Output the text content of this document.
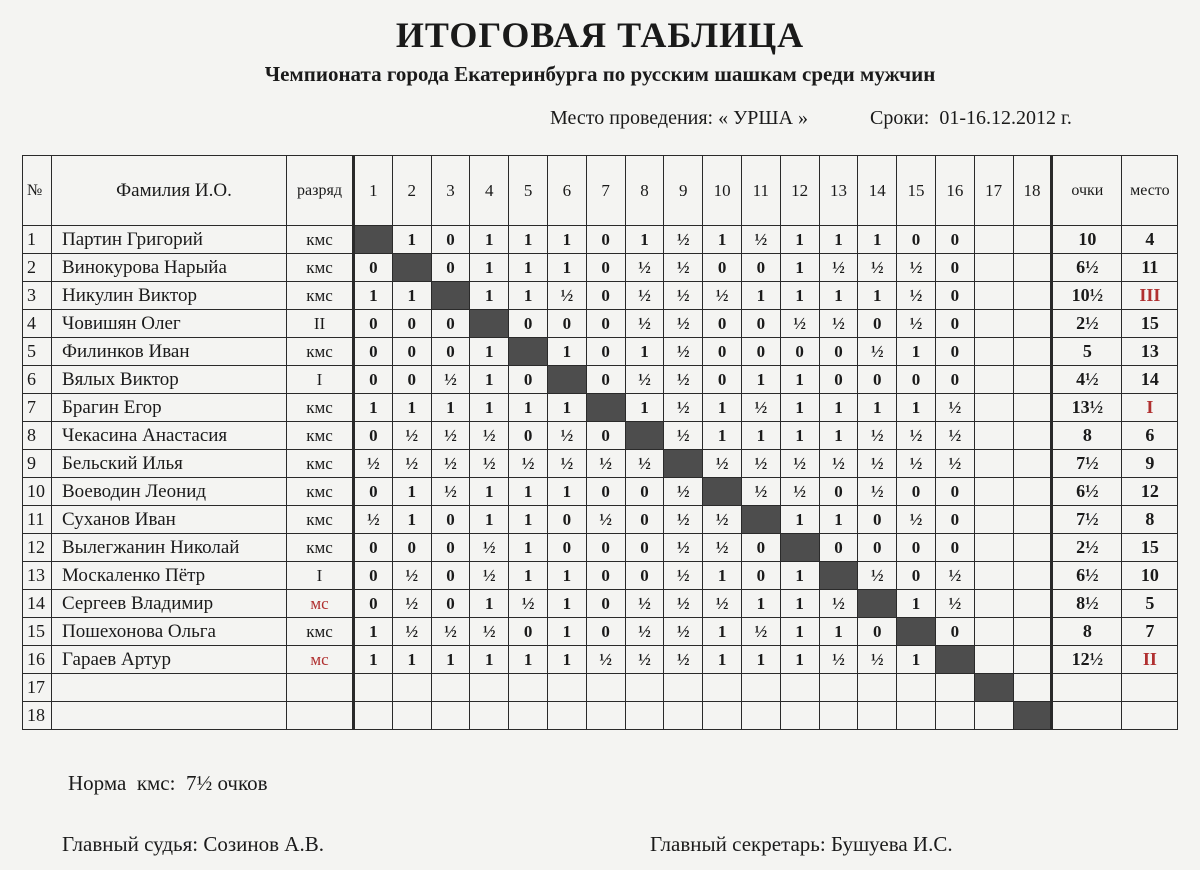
ИТОГОВАЯ ТАБЛИЦА
Чемпионата города Екатеринбурга по русским шашкам среди мужчин
Место проведения: « УРША »	Сроки:  01-16.12.2012 г.
№	Фамилия И.О.	разряд	1	2	3	4	5	6	7	8	9	10	11	12	13	14	15	16	17	18	очки	место
1	Партин Григорий	кмс		1	0	1	1	1	0	1	½	1	½	1	1	1	0	0			10	4
2	Винокурова Нарыйа	кмс	0		0	1	1	1	0	½	½	0	0	1	½	½	½	0			6½	11
3	Никулин Виктор	кмс	1	1		1	1	½	0	½	½	½	1	1	1	1	½	0			10½	III
4	Човишян Олег	II	0	0	0		0	0	0	½	½	0	0	½	½	0	½	0			2½	15
5	Филинков Иван	кмс	0	0	0	1		1	0	1	½	0	0	0	0	½	1	0			5	13
6	Вялых Виктор	I	0	0	½	1	0		0	½	½	0	1	1	0	0	0	0			4½	14
7	Брагин Егор	кмс	1	1	1	1	1	1		1	½	1	½	1	1	1	1	½			13½	I
8	Чекасина Анастасия	кмс	0	½	½	½	0	½	0		½	1	1	1	1	½	½	½			8	6
9	Бельский Илья	кмс	½	½	½	½	½	½	½	½		½	½	½	½	½	½	½			7½	9
10	Воеводин Леонид	кмс	0	1	½	1	1	1	0	0	½		½	½	0	½	0	0			6½	12
11	Суханов Иван	кмс	½	1	0	1	1	0	½	0	½	½		1	1	0	½	0			7½	8
12	Вылегжанин Николай	кмс	0	0	0	½	1	0	0	0	½	½	0		0	0	0	0			2½	15
13	Москаленко Пётр	I	0	½	0	½	1	1	0	0	½	1	0	1		½	0	½			6½	10
14	Сергеев Владимир	мс	0	½	0	1	½	1	0	½	½	½	1	1	½		1	½			8½	5
15	Пошехонова Ольга	кмс	1	½	½	½	0	1	0	½	½	1	½	1	1	0		0			8	7
16	Гараев Артур	мс	1	1	1	1	1	1	½	½	½	1	1	1	½	½	1				12½	II
17																						
18																						
Норма  кмс:  7½ очков
Главный судья: Созинов А.В.	Главный секретарь: Бушуева И.С.
